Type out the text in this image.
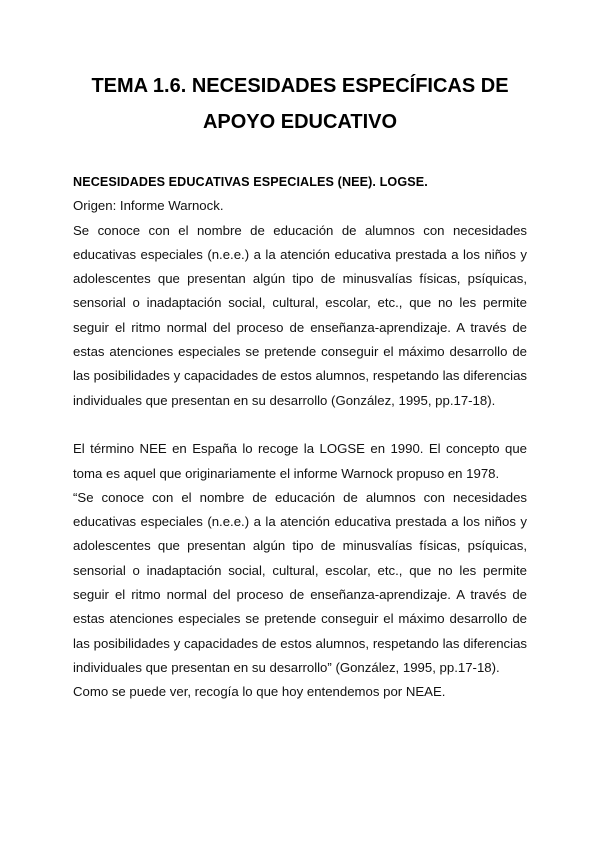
TEMA 1.6. NECESIDADES ESPECÍFICAS DE
APOYO EDUCATIVO

NECESIDADES EDUCATIVAS ESPECIALES (NEE). LOGSE.

Origen: Informe Warnock.

Se conoce con el nombre de educación de alumnos con necesidades educativas especiales (n.e.e.) a la atención educativa prestada a los niños y adolescentes que presentan algún tipo de minusvalías físicas, psíquicas, sensorial o inadaptación social, cultural, escolar, etc., que no les permite seguir el ritmo normal del proceso de enseñanza-aprendizaje. A través de estas atenciones especiales se pretende conseguir el máximo desarrollo de las posibilidades y capacidades de estos alumnos, respetando las diferencias individuales que presentan en su desarrollo (González, 1995, pp.17-18).

El término NEE en España lo recoge la LOGSE en 1990. El concepto que toma es aquel que originariamente el informe Warnock propuso en 1978.

“Se conoce con el nombre de educación de alumnos con necesidades educativas especiales (n.e.e.) a la atención educativa prestada a los niños y adolescentes que presentan algún tipo de minusvalías físicas, psíquicas, sensorial o inadaptación social, cultural, escolar, etc., que no les permite seguir el ritmo normal del proceso de enseñanza-aprendizaje. A través de estas atenciones especiales se pretende conseguir el máximo desarrollo de las posibilidades y capacidades de estos alumnos, respetando las diferencias individuales que presentan en su desarrollo” (González, 1995, pp.17-18).

Como se puede ver, recogía lo que hoy entendemos por NEAE.
